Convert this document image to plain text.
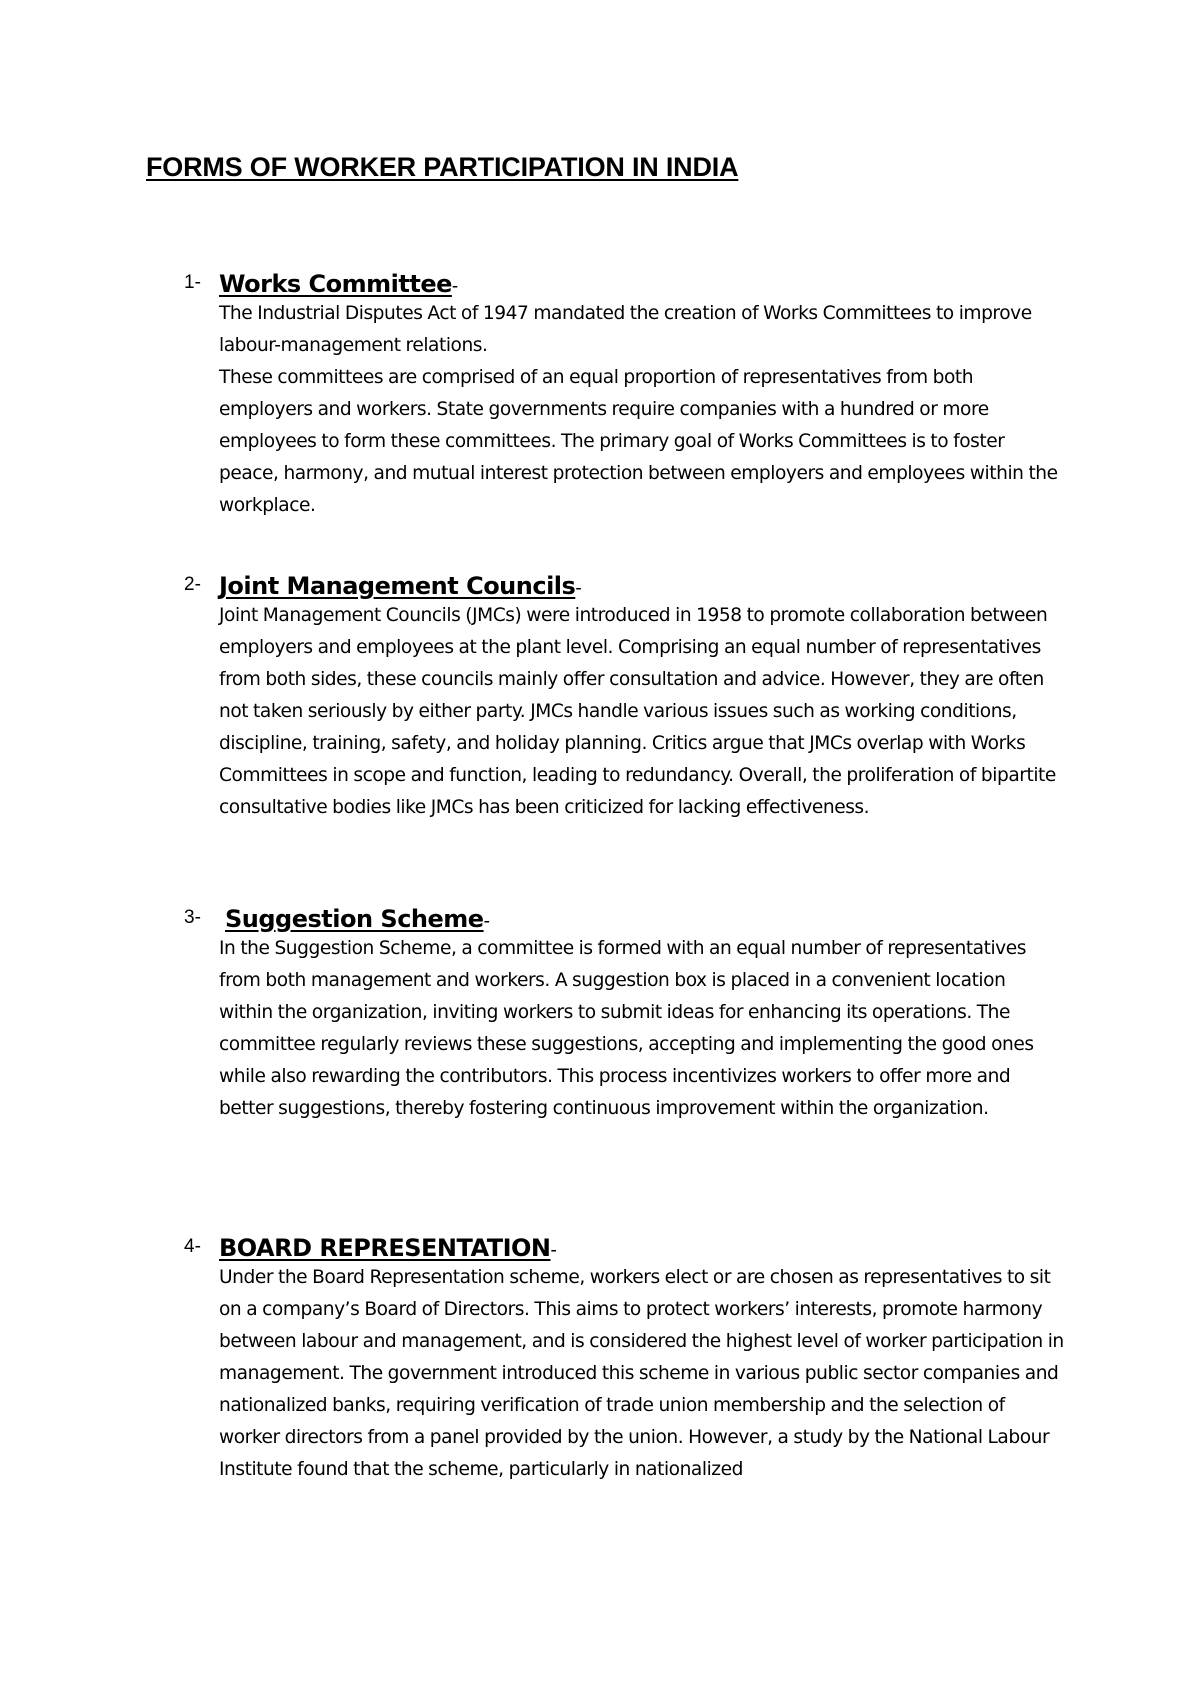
FORMS OF WORKER PARTICIPATION IN INDIA
1- Works Committee-

The Industrial Disputes Act of 1947 mandated the creation of Works Committees to improve labour-management relations.
These committees are comprised of an equal proportion of representatives from both employers and workers. State governments require companies with a hundred or more employees to form these committees. The primary goal of Works Committees is to foster peace, harmony, and mutual interest protection between employers and employees within the workplace.

2- Joint Management Councils-

Joint Management Councils (JMCs) were introduced in 1958 to promote collaboration between employers and employees at the plant level. Comprising an equal number of representatives from both sides, these councils mainly offer consultation and advice. However, they are often not taken seriously by either party. JMCs handle various issues such as working conditions, discipline, training, safety, and holiday planning. Critics argue that JMCs overlap with Works Committees in scope and function, leading to redundancy. Overall, the proliferation of bipartite consultative bodies like JMCs has been criticized for lacking effectiveness.

3- Suggestion Scheme-

In the Suggestion Scheme, a committee is formed with an equal number of representatives from both management and workers. A suggestion box is placed in a convenient location within the organization, inviting workers to submit ideas for enhancing its operations. The committee regularly reviews these suggestions, accepting and implementing the good ones while also rewarding the contributors. This process incentivizes workers to offer more and better suggestions, thereby fostering continuous improvement within the organization.

4- BOARD REPRESENTATION-

Under the Board Representation scheme, workers elect or are chosen as representatives to sit on a company’s Board of Directors. This aims to protect workers’ interests, promote harmony between labour and management, and is considered the highest level of worker participation in management. The government introduced this scheme in various public sector companies and nationalized banks, requiring verification of trade union membership and the selection of worker directors from a panel provided by the union. However, a study by the National Labour Institute found that the scheme, particularly in nationalized
